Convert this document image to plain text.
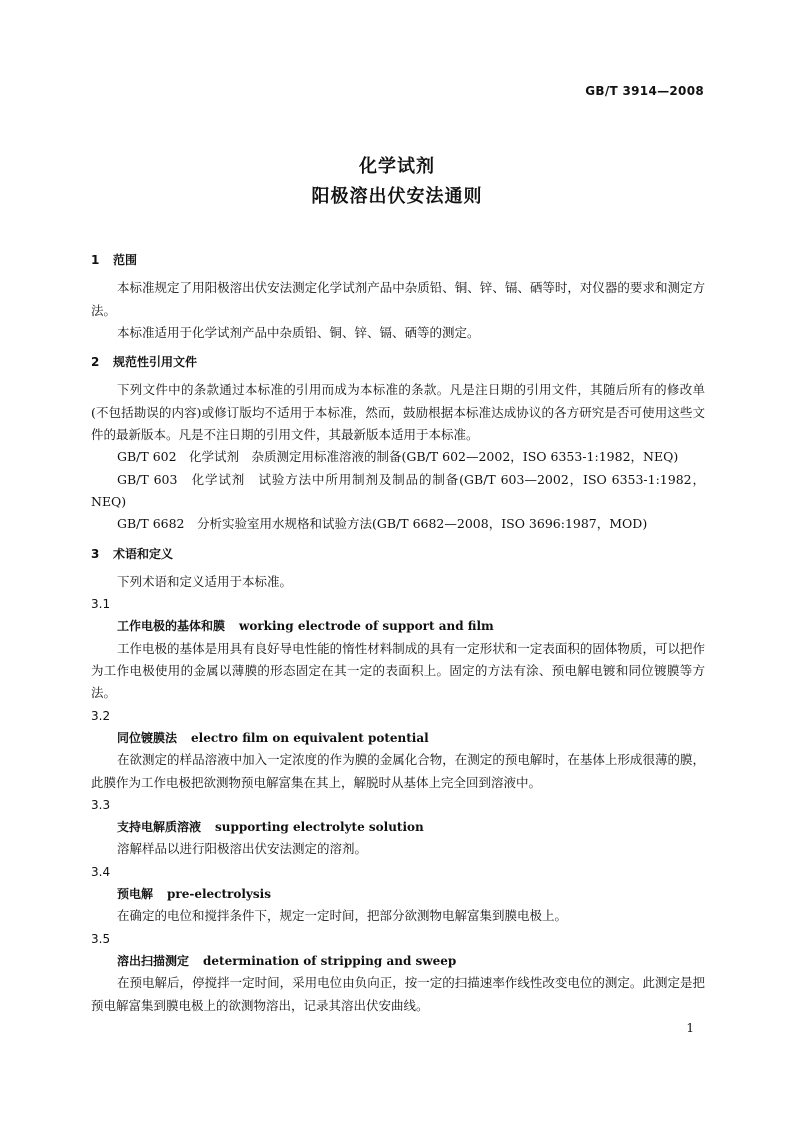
GB/T 3914—2008
化学试剂
阳极溶出伏安法通则

1 范围

本标准规定了用阳极溶出伏安法测定化学试剂产品中杂质铅、铜、锌、镉、硒等时，对仪器的要求和测定方法。

本标准适用于化学试剂产品中杂质铅、铜、锌、镉、硒等的测定。

2 规范性引用文件

下列文件中的条款通过本标准的引用而成为本标准的条款。凡是注日期的引用文件，其随后所有的修改单(不包括勘误的内容)或修订版均不适用于本标准，然而，鼓励根据本标准达成协议的各方研究是否可使用这些文件的最新版本。凡是不注日期的引用文件，其最新版本适用于本标准。

GB/T 602　化学试剂　杂质测定用标准溶液的制备(GB/T 602—2002，ISO 6353-1:1982，NEQ)

GB/T 603　化学试剂　试验方法中所用制剂及制品的制备(GB/T 603—2002，ISO 6353-1:1982，NEQ)

GB/T 6682　分析实验室用水规格和试验方法(GB/T 6682—2008，ISO 3696:1987，MOD)

3 术语和定义

下列术语和定义适用于本标准。

3.1

工作电极的基体和膜 working electrode of support and film

工作电极的基体是用具有良好导电性能的惰性材料制成的具有一定形状和一定表面积的固体物质，可以把作为工作电极使用的金属以薄膜的形态固定在其一定的表面积上。固定的方法有涂、预电解电镀和同位镀膜等方法。

3.2

同位镀膜法 electro film on equivalent potential

在欲测定的样品溶液中加入一定浓度的作为膜的金属化合物，在测定的预电解时，在基体上形成很薄的膜，此膜作为工作电极把欲测物预电解富集在其上，解脱时从基体上完全回到溶液中。

3.3

支持电解质溶液 supporting electrolyte solution

溶解样品以进行阳极溶出伏安法测定的溶剂。

3.4

预电解 pre-electrolysis

在确定的电位和搅拌条件下，规定一定时间，把部分欲测物电解富集到膜电极上。

3.5

溶出扫描测定 determination of stripping and sweep

在预电解后，停搅拌一定时间，采用电位由负向正，按一定的扫描速率作线性改变电位的测定。此测定是把预电解富集到膜电极上的欲测物溶出，记录其溶出伏安曲线。

1
